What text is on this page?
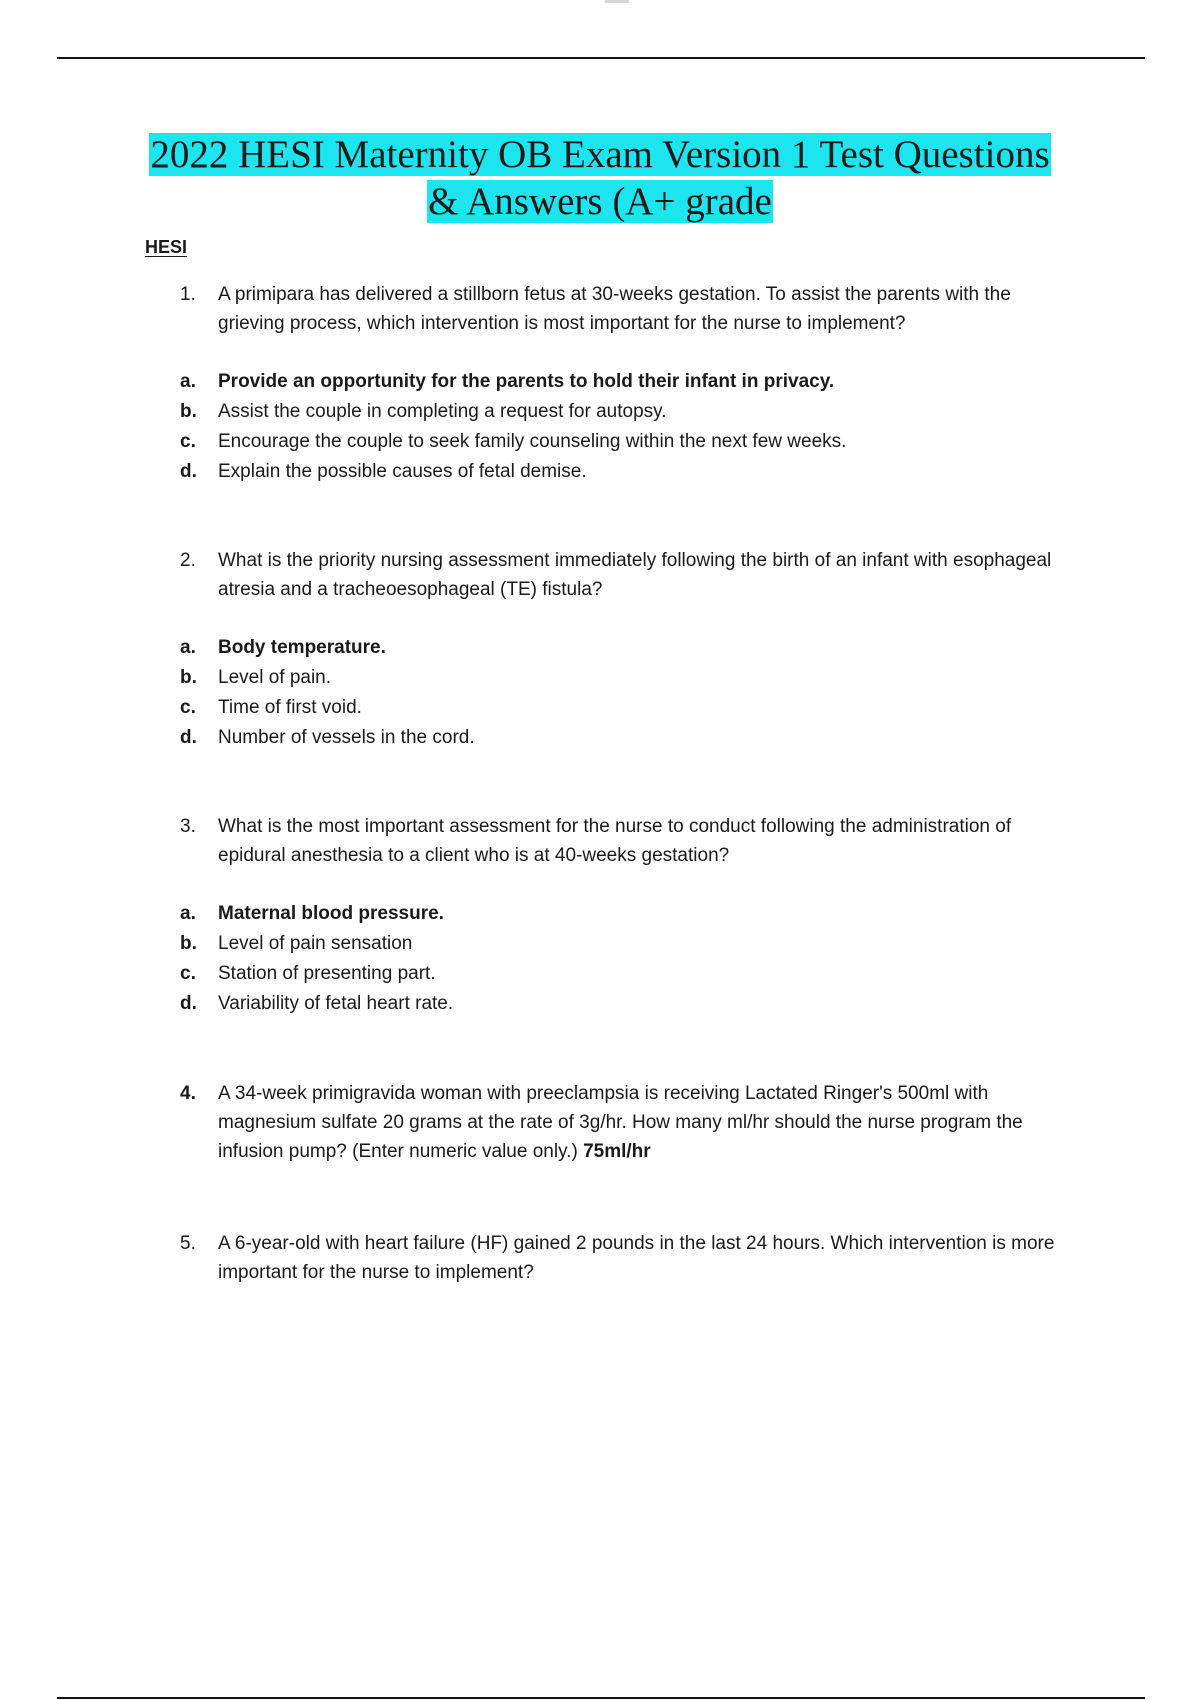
2022 HESI Maternity OB Exam Version 1 Test Questions
& Answers (A+ grade
HESI
1. A primipara has delivered a stillborn fetus at 30-weeks gestation. To assist the parents with the grieving process, which intervention is most important for the nurse to implement?
a. Provide an opportunity for the parents to hold their infant in privacy.
b. Assist the couple in completing a request for autopsy.
c. Encourage the couple to seek family counseling within the next few weeks.
d. Explain the possible causes of fetal demise.
2. What is the priority nursing assessment immediately following the birth of an infant with esophageal atresia and a tracheoesophageal (TE) fistula?
a. Body temperature.
b. Level of pain.
c. Time of first void.
d. Number of vessels in the cord.
3. What is the most important assessment for the nurse to conduct following the administration of epidural anesthesia to a client who is at 40-weeks gestation?
a. Maternal blood pressure.
b. Level of pain sensation
c. Station of presenting part.
d. Variability of fetal heart rate.
4. A 34-week primigravida woman with preeclampsia is receiving Lactated Ringer's 500ml with magnesium sulfate 20 grams at the rate of 3g/hr. How many ml/hr should the nurse program the infusion pump? (Enter numeric value only.) 75ml/hr
5. A 6-year-old with heart failure (HF) gained 2 pounds in the last 24 hours. Which intervention is more important for the nurse to implement?
